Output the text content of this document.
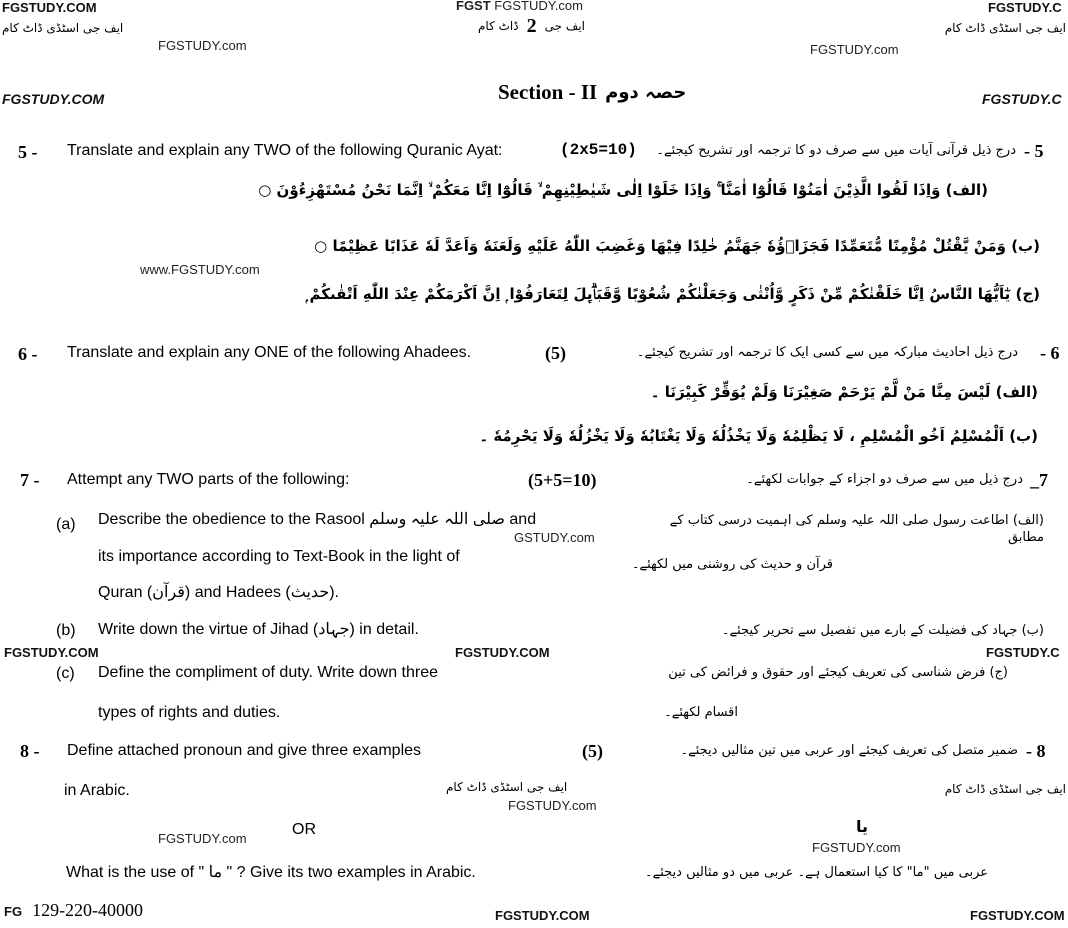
FGSTUDY.COM	FGST FGSTUDY.com	FGSTUDY.C
ایف جی اسٹڈی ڈاٹ کام	ایف جی اسٹڈی ڈاٹ کام
FGSTUDY.com	FGSTUDY.com
ڈاٹ کام 2 ایف جی
FGSTUDY.COM	FGSTUDY.C
Section - II حصہ دوم
5 - Translate and explain any TWO of the following Quranic Ayat:	(2x5=10)	درج ذیل قرآنی آیات میں سے صرف دو کا ترجمہ اور تشریح کیجئے۔ - 5
(الف) وَاِذَا لَقُوا الَّذِيْنَ اٰمَنُوْا قَالُوْٓا اٰمَنَّا ۚ وَاِذَا خَلَوْا اِلٰى شَيٰطِيْنِهِمْ ۙ قَالُوْٓا اِنَّا مَعَكُمْ ۙ اِنَّمَا نَحْنُ مُسْتَهْزِءُوْنَ ○
(ب) وَمَنْ يَّقْتُلْ مُؤْمِنًا مُّتَعَمِّدًا فَجَزَاۗؤُهٗ جَهَنَّمُ خٰلِدًا فِيْهَا وَغَضِبَ اللّٰهُ عَلَيْهِ وَلَعَنَهٗ وَاَعَدَّ لَهٗ عَذَابًا عَظِيْمًا ○
www.FGSTUDY.com
(ج) يٰٓاَيُّهَا النَّاسُ اِنَّا خَلَقْنٰكُمْ مِّنْ ذَكَرٍ وَّاُنْثٰى وَجَعَلْنٰكُمْ شُعُوْبًا وَّقَبَاۗىِٕلَ لِتَعَارَفُوْا ۭ اِنَّ اَكْرَمَكُمْ عِنْدَ اللّٰهِ اَتْقٰىكُمْ ۭ
6 - Translate and explain any ONE of the following Ahadees.	(5)	درج ذیل احادیث مبارکہ میں سے کسی ایک کا ترجمہ اور تشریح کیجئے۔ - 6
(الف) لَيْسَ مِنَّا مَنْ لَّمْ يَرْحَمْ صَغِيْرَنَا وَلَمْ يُوَقِّرْ كَبِيْرَنَا ۔
(ب) اَلْمُسْلِمُ اَخُو الْمُسْلِمِ ، لَا يَظْلِمُهٗ وَلَا يَخْذُلُهٗ وَلَا يَغْتَابُهٗ وَلَا يَخْزُلُهٗ وَلَا يَحْرِمُهٗ ۔
7 - Attempt any TWO parts of the following:	(5+5=10)	درج ذیل میں سے صرف دو اجزاء کے جوابات لکھئے۔ _7
(a) Describe the obedience to the Rasool صلی اللہ علیہ وسلم and
GSTUDY.com
its importance according to Text-Book in the light of
Quran (قرآن) and Hadees (حدیث).
(الف) اطاعت رسول صلی اللہ علیہ وسلم کی اہمیت درسی کتاب کے مطابق
قرآن و حدیث کی روشنی میں لکھئے۔
(b) Write down the virtue of Jihad (جہاد) in detail.	(ب) جہاد کی فضیلت کے بارے میں تفصیل سے تحریر کیجئے۔
FGSTUDY.COM	FGSTUDY.COM	FGSTUDY.C
(c) Define the compliment of duty. Write down three
types of rights and duties.
(ج) فرض شناسی کی تعریف کیجئے اور حقوق و فرائض کی تین
اقسام لکھئے۔
8 - Define attached pronoun and give three examples
in Arabic.
(5)	ضمیر متصل کی تعریف کیجئے اور عربی میں تین مثالیں دیجئے۔ - 8
ایف جی اسٹڈی ڈاٹ کام
FGSTUDY.com
ایف جی اسٹڈی ڈاٹ کام
FGSTUDY.com
OR	یا
FGSTUDY.com
What is the use of " ما " ? Give its two examples in Arabic.	عربی میں "ما" کا کیا استعمال ہے۔ عربی میں دو مثالیں دیجئے۔
FG 129-220-40000	FGSTUDY.COM	FGSTUDY.COM
